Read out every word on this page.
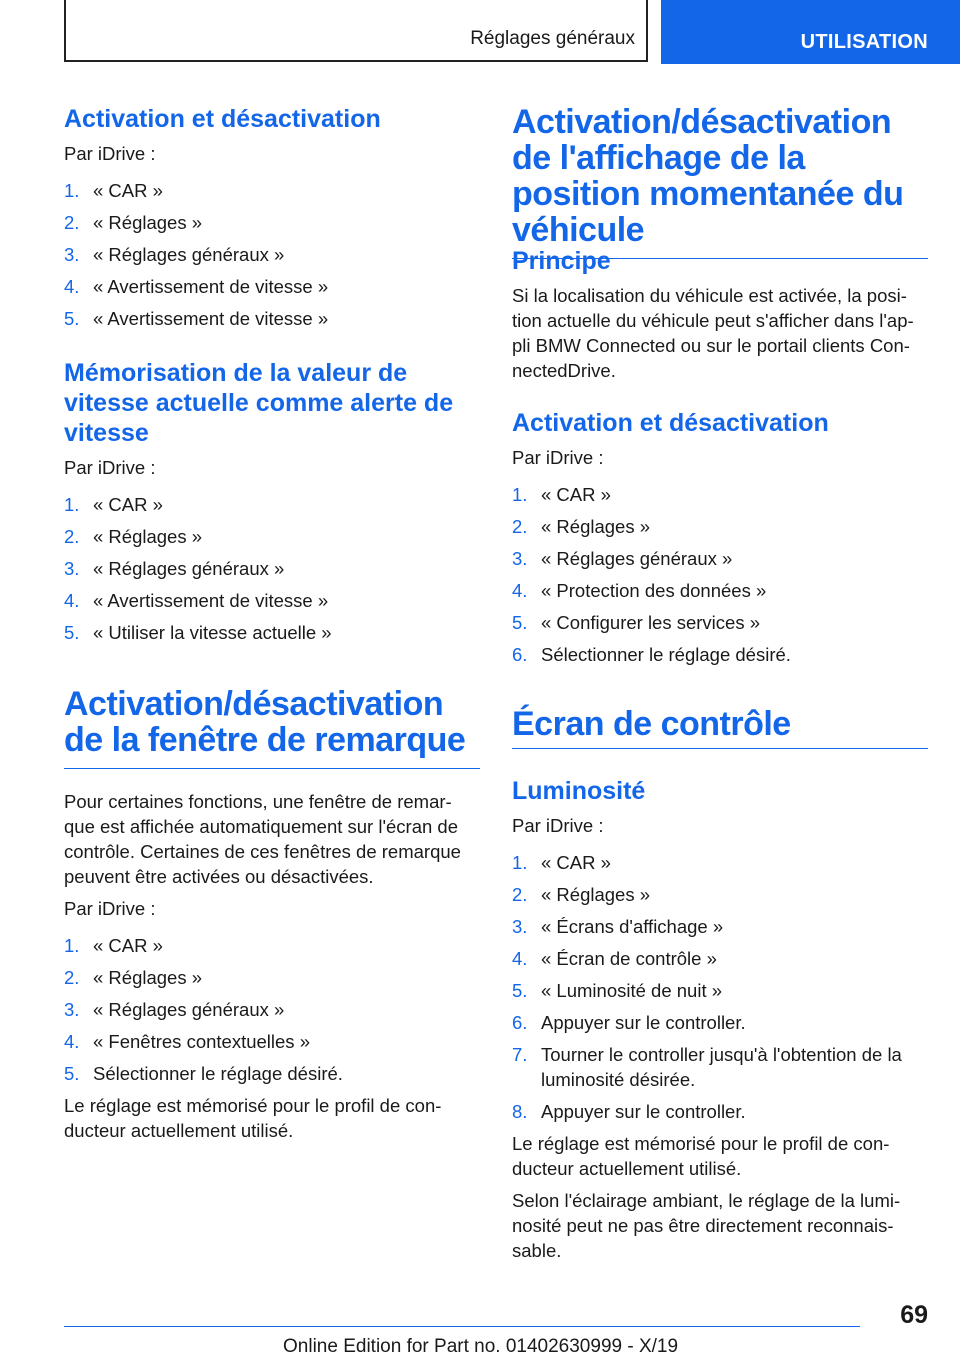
Réglages généraux	UTILISATION
Activation et désactivation

Par iDrive :

1. « CAR »
2. « Réglages »
3. « Réglages généraux »
4. « Avertissement de vitesse »
5. « Avertissement de vitesse »
Mémorisation de la valeur de vitesse actuelle comme alerte de vitesse

Par iDrive :

1. « CAR »
2. « Réglages »
3. « Réglages généraux »
4. « Avertissement de vitesse »
5. « Utiliser la vitesse actuelle »
Activation/désactivation de la fenêtre de remarque

Pour certaines fonctions, une fenêtre de remar-que est affichée automatiquement sur l'écran de contrôle. Certaines de ces fenêtres de remarque peuvent être activées ou désactivées.

Par iDrive :

1. « CAR »
2. « Réglages »
3. « Réglages généraux »
4. « Fenêtres contextuelles »
5. Sélectionner le réglage désiré.

Le réglage est mémorisé pour le profil de con-ducteur actuellement utilisé.

Activation/désactivation de l'affichage de la position momentanée du véhicule
Principe

Si la localisation du véhicule est activée, la posi-tion actuelle du véhicule peut s'afficher dans l'ap-pli BMW Connected ou sur le portail clients Con-nectedDrive.

Activation et désactivation

Par iDrive :

1. « CAR »
2. « Réglages »
3. « Réglages généraux »
4. « Protection des données »
5. « Configurer les services »
6. Sélectionner le réglage désiré.
Écran de contrôle
Luminosité

Par iDrive :

1. « CAR »
2. « Réglages »
3. « Écrans d'affichage »
4. « Écran de contrôle »
5. « Luminosité de nuit »
6. Appuyer sur le controller.
7. Tourner le controller jusqu'à l'obtention de la luminosité désirée.
8. Appuyer sur le controller.

Le réglage est mémorisé pour le profil de con-ducteur actuellement utilisé.

Selon l'éclairage ambiant, le réglage de la lumi-nosité peut ne pas être directement reconnais-sable.

69
Online Edition for Part no. 01402630999 - X/19
